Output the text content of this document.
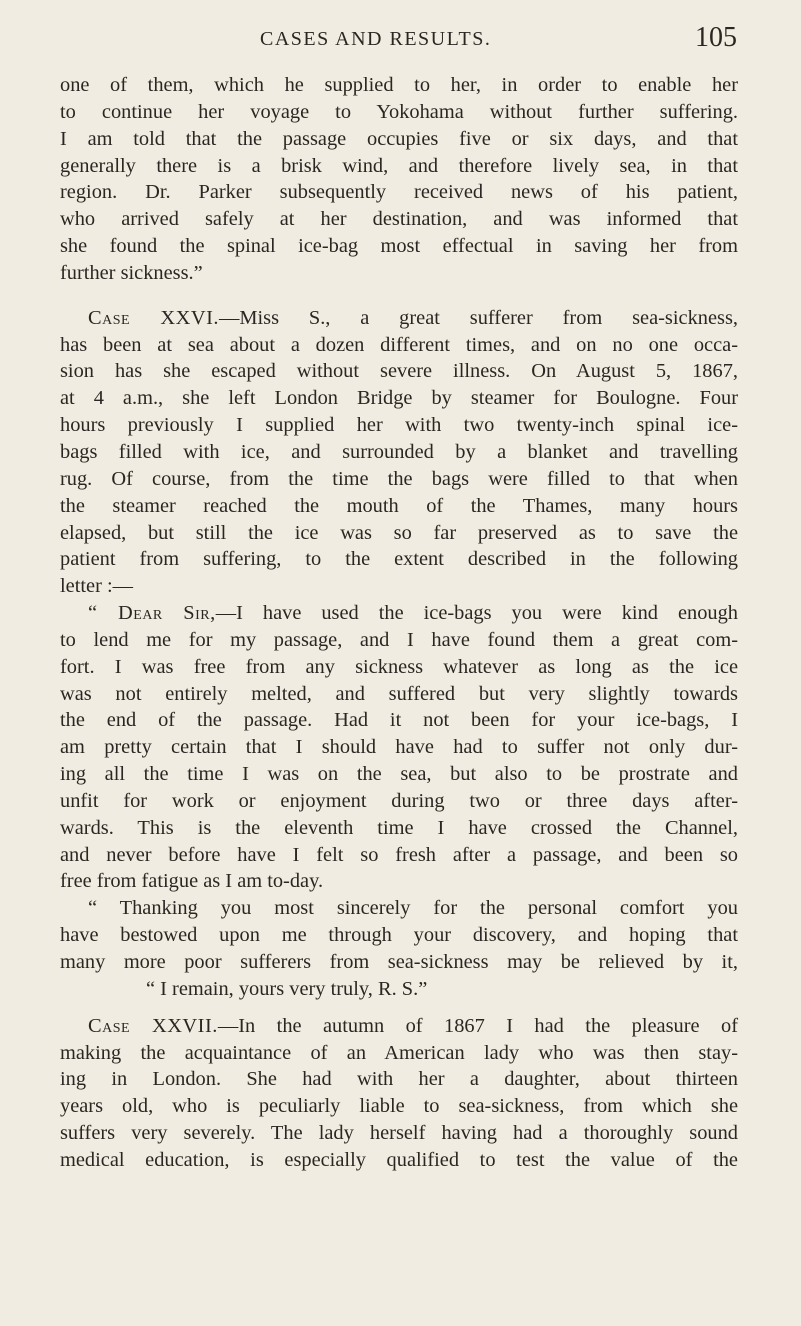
CASES AND RESULTS.	105
one of them, which he supplied to her, in order to enable her
to continue her voyage to Yokohama without further suffering.
I am told that the passage occupies five or six days, and that
generally there is a brisk wind, and therefore lively sea, in that
region. Dr. Parker subsequently received news of his patient,
who arrived safely at her destination, and was informed that
she found the spinal ice-bag most effectual in saving her from
further sickness.”
Case XXVI.—Miss S., a great sufferer from sea-sickness,
has been at sea about a dozen different times, and on no one occa-
sion has she escaped without severe illness. On August 5, 1867,
at 4 a.m., she left London Bridge by steamer for Boulogne. Four
hours previously I supplied her with two twenty-inch spinal ice-
bags filled with ice, and surrounded by a blanket and travelling
rug. Of course, from the time the bags were filled to that when
the steamer reached the mouth of the Thames, many hours
elapsed, but still the ice was so far preserved as to save the
patient from suffering, to the extent described in the following
letter :—
“ Dear Sir,—I have used the ice-bags you were kind enough
to lend me for my passage, and I have found them a great com-
fort. I was free from any sickness whatever as long as the ice
was not entirely melted, and suffered but very slightly towards
the end of the passage. Had it not been for your ice-bags, I
am pretty certain that I should have had to suffer not only dur-
ing all the time I was on the sea, but also to be prostrate and
unfit for work or enjoyment during two or three days after-
wards. This is the eleventh time I have crossed the Channel,
and never before have I felt so fresh after a passage, and been so
free from fatigue as I am to-day.
“ Thanking you most sincerely for the personal comfort you
have bestowed upon me through your discovery, and hoping that
many more poor sufferers from sea-sickness may be relieved by it,
“ I remain, yours very truly, R. S.”
Case XXVII.—In the autumn of 1867 I had the pleasure of
making the acquaintance of an American lady who was then stay-
ing in London. She had with her a daughter, about thirteen
years old, who is peculiarly liable to sea-sickness, from which she
suffers very severely. The lady herself having had a thoroughly sound
medical education, is especially qualified to test the value of the
